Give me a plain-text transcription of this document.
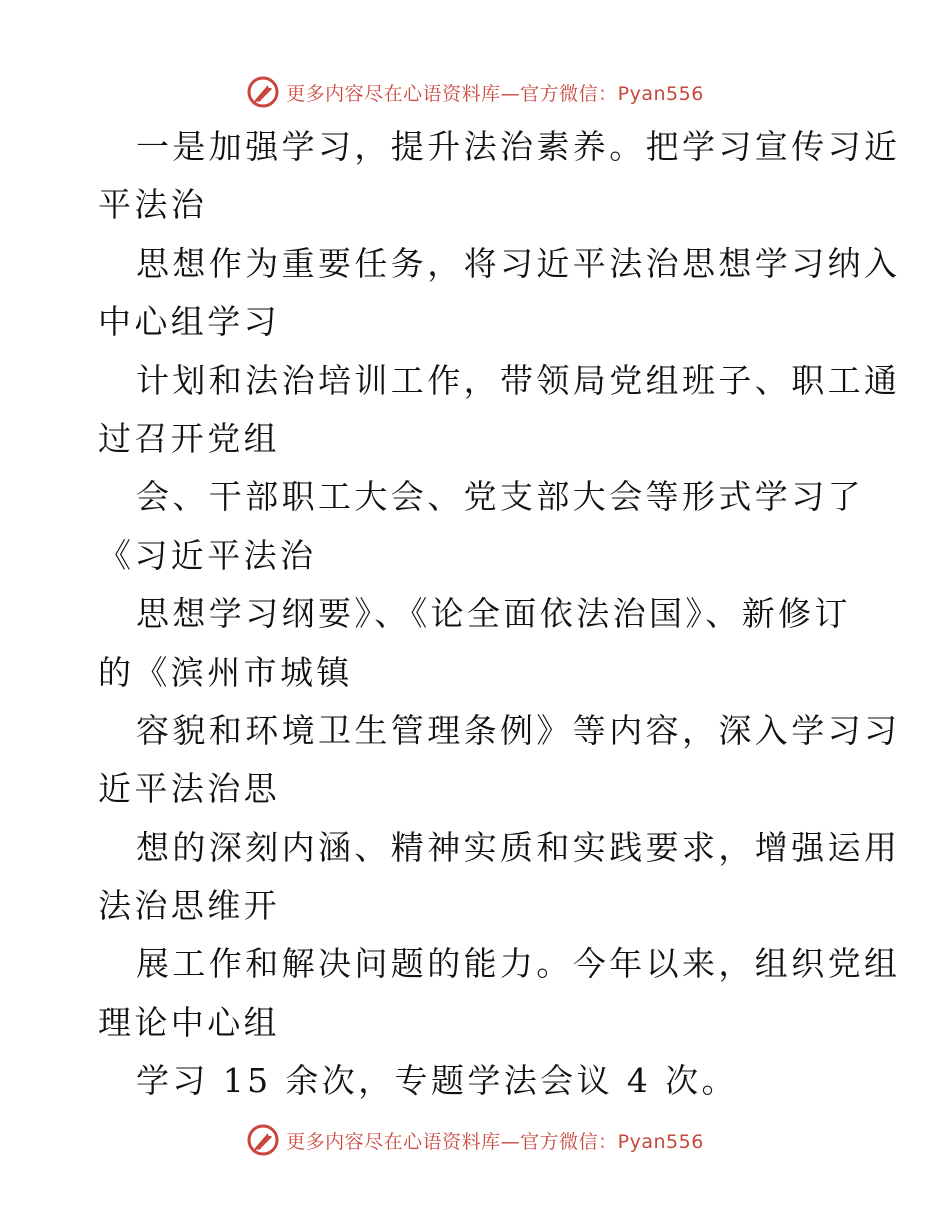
更多内容尽在心语资料库—官方微信：Pyan556
一是加强学习，提升法治素养。把学习宣传习近
平法治
思想作为重要任务，将习近平法治思想学习纳入
中心组学习
计划和法治培训工作，带领局党组班子、职工通
过召开党组
会、干部职工大会、党支部大会等形式学习了
《习近平法治
思想学习纲要》、《论全面依法治国》、新修订
的《滨州市城镇
容貌和环境卫生管理条例》等内容，深入学习习
近平法治思
想的深刻内涵、精神实质和实践要求，增强运用
法治思维开
展工作和解决问题的能力。今年以来，组织党组
理论中心组
学习 15 余次，专题学法会议 4 次。
更多内容尽在心语资料库—官方微信：Pyan556
